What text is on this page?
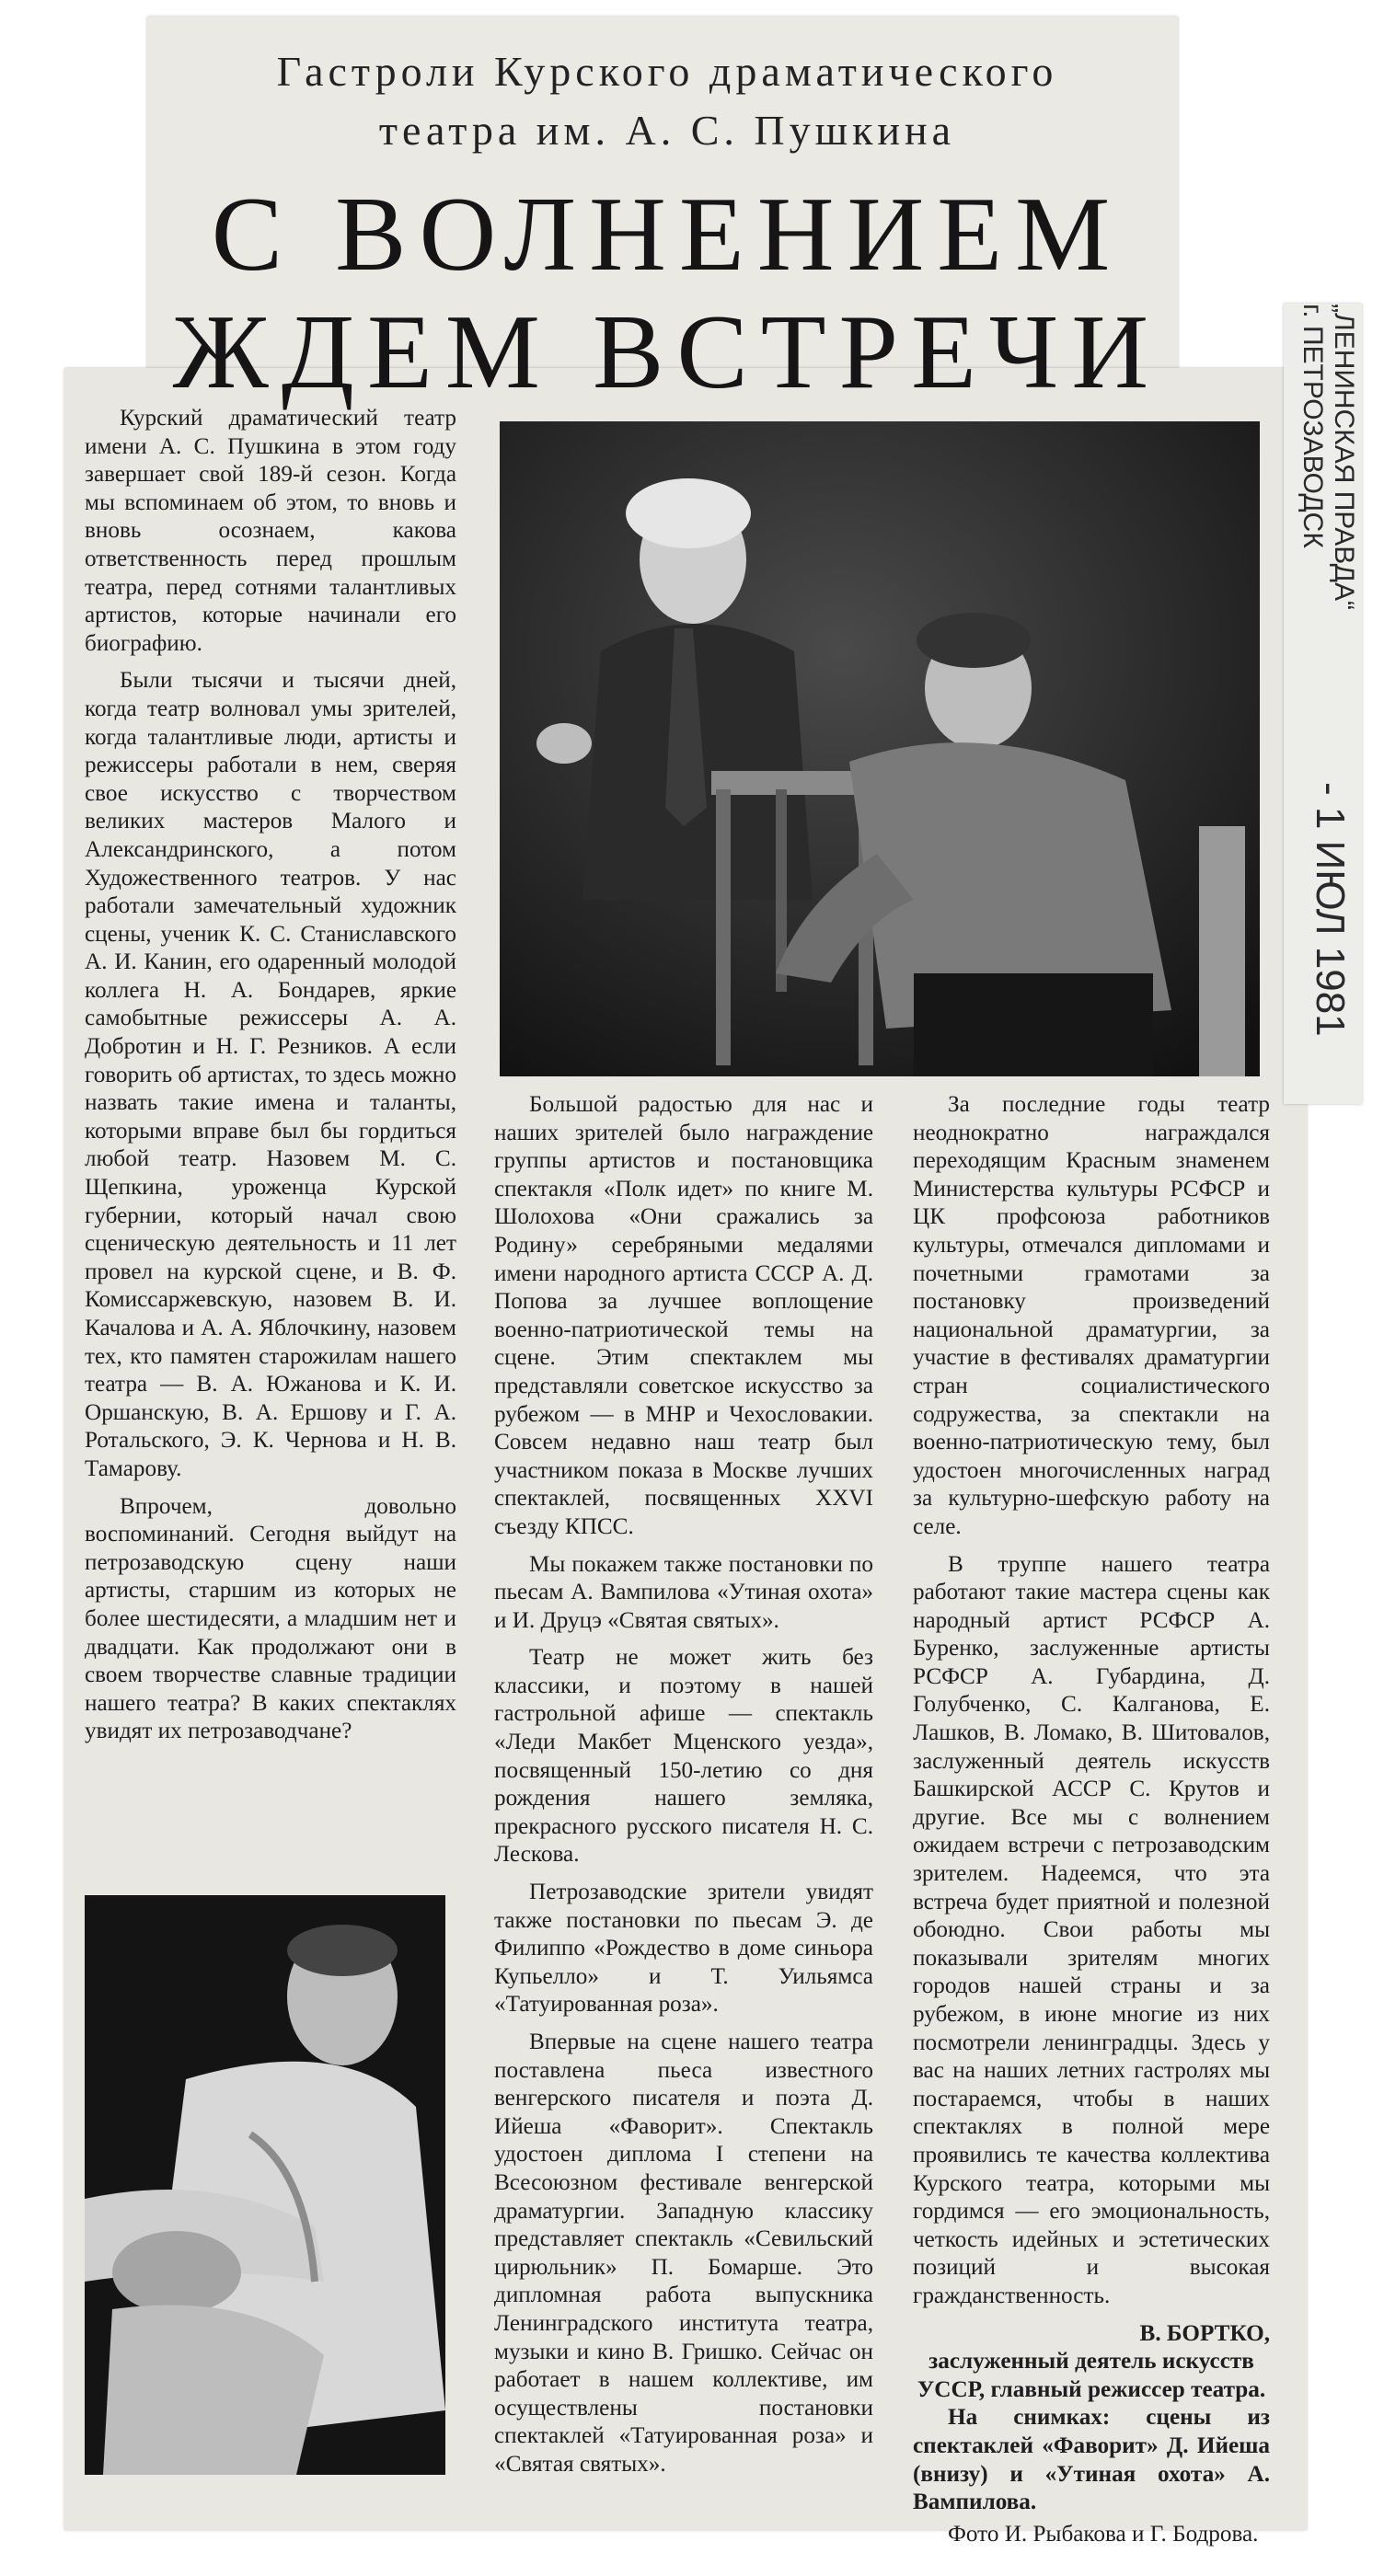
Гастроли Курского драматического
театра им. А. С. Пушкина
С ВОЛНЕНИЕМ
ЖДЕМ ВСТРЕЧИ	„ЛЕНИНСКАЯ ПРАВДА“
г. ПЕТРОЗАВОДСК
- 1 ИЮЛ 1981

Курский драматический театр имени А. С. Пушкина в этом году завершает свой 189-й сезон. Когда мы вспоминаем об этом, то вновь и вновь осознаем, какова ответственность перед прошлым театра, перед сотнями талантливых артистов, которые начинали его биографию.

Были тысячи и тысячи дней, когда театр волновал умы зрителей, когда талантливые люди, артисты и режиссеры работали в нем, сверяя свое искусство с творчеством великих мастеров Малого и Александринского, а потом Художественного театров. У нас работали замечательный художник сцены, ученик К. С. Станиславского А. И. Канин, его одаренный молодой коллега Н. А. Бондарев, яркие самобытные режиссеры А. А. Добротин и Н. Г. Резников. А если говорить об артистах, то здесь можно назвать такие имена и таланты, которыми вправе был бы гордиться любой театр. Назовем М. С. Щепкина, уроженца Курской губернии, который начал свою сценическую деятельность и 11 лет провел на курской сцене, и В. Ф. Комиссаржевскую, назовем В. И. Качалова и А. А. Яблочкину, назовем тех, кто памятен старожилам нашего театра — В. А. Южанова и К. И. Оршанскую, В. А. Ершову и Г. А. Ротальского, Э. К. Чернова и Н. В. Тамарову.

Впрочем, довольно воспоминаний. Сегодня выйдут на петрозаводскую сцену наши артисты, старшим из которых не более шестидесяти, а младшим нет и двадцати. Как продолжают они в своем творчестве славные традиции нашего театра? В каких спектаклях увидят их петрозаводчане?

Большой радостью для нас и наших зрителей было награждение группы артистов и постановщика спектакля «Полк идет» по книге М. Шолохова «Они сражались за Родину» серебряными медалями имени народного артиста СССР А. Д. Попова за лучшее воплощение военно-патриотической темы на сцене. Этим спектаклем мы представляли советское искусство за рубежом — в МНР и Чехословакии. Совсем недавно наш театр был участником показа в Москве лучших спектаклей, посвященных XXVI съезду КПСС.

Мы покажем также постановки по пьесам А. Вампилова «Утиная охота» и И. Друцэ «Святая святых».

Театр не может жить без классики, и поэтому в нашей гастрольной афише — спектакль «Леди Макбет Мценского уезда», посвященный 150-летию со дня рождения нашего земляка, прекрасного русского писателя Н. С. Лескова.

Петрозаводские зрители увидят также постановки по пьесам Э. де Филиппо «Рождество в доме синьора Купьелло» и Т. Уильямса «Татуированная роза».

Впервые на сцене нашего театра поставлена пьеса известного венгерского писателя и поэта Д. Ийеша «Фаворит». Спектакль удостоен диплома I степени на Всесоюзном фестивале венгерской драматургии. Западную классику представляет спектакль «Севильский цирюльник» П. Бомарше. Это дипломная работа выпускника Ленинградского института театра, музыки и кино В. Гришко. Сейчас он работает в нашем коллективе, им осуществлены постановки спектаклей «Татуированная роза» и «Святая святых».

За последние годы театр неоднократно награждался переходящим Красным знаменем Министерства культуры РСФСР и ЦК профсоюза работников культуры, отмечался дипломами и почетными грамотами за постановку произведений национальной драматургии, за участие в фестивалях драматургии стран социалистического содружества, за спектакли на военно-патриотическую тему, был удостоен многочисленных наград за культурно-шефскую работу на селе.

В труппе нашего театра работают такие мастера сцены как народный артист РСФСР А. Буренко, заслуженные артисты РСФСР А. Губардина, Д. Голубченко, С. Калганова, Е. Лашков, В. Ломако, В. Шитовалов, заслуженный деятель искусств Башкирской АССР С. Крутов и другие. Все мы с волнением ожидаем встречи с петрозаводским зрителем. Надеемся, что эта встреча будет приятной и полезной обоюдно. Свои работы мы показывали зрителям многих городов нашей страны и за рубежом, в июне многие из них посмотрели ленинградцы. Здесь у вас на наших летних гастролях мы постараемся, чтобы в наших спектаклях в полной мере проявились те качества коллектива Курского театра, которыми мы гордимся — его эмоциональность, четкость идейных и эстетических позиций и высокая гражданственность.

В. БОРТКО,

заслуженный деятель искусств УССР, главный режиссер театра.

На снимках: сцены из спектаклей «Фаворит» Д. Ийеша (внизу) и «Утиная охота» А. Вампилова.

Фото И. Рыбакова и Г. Бодрова.
